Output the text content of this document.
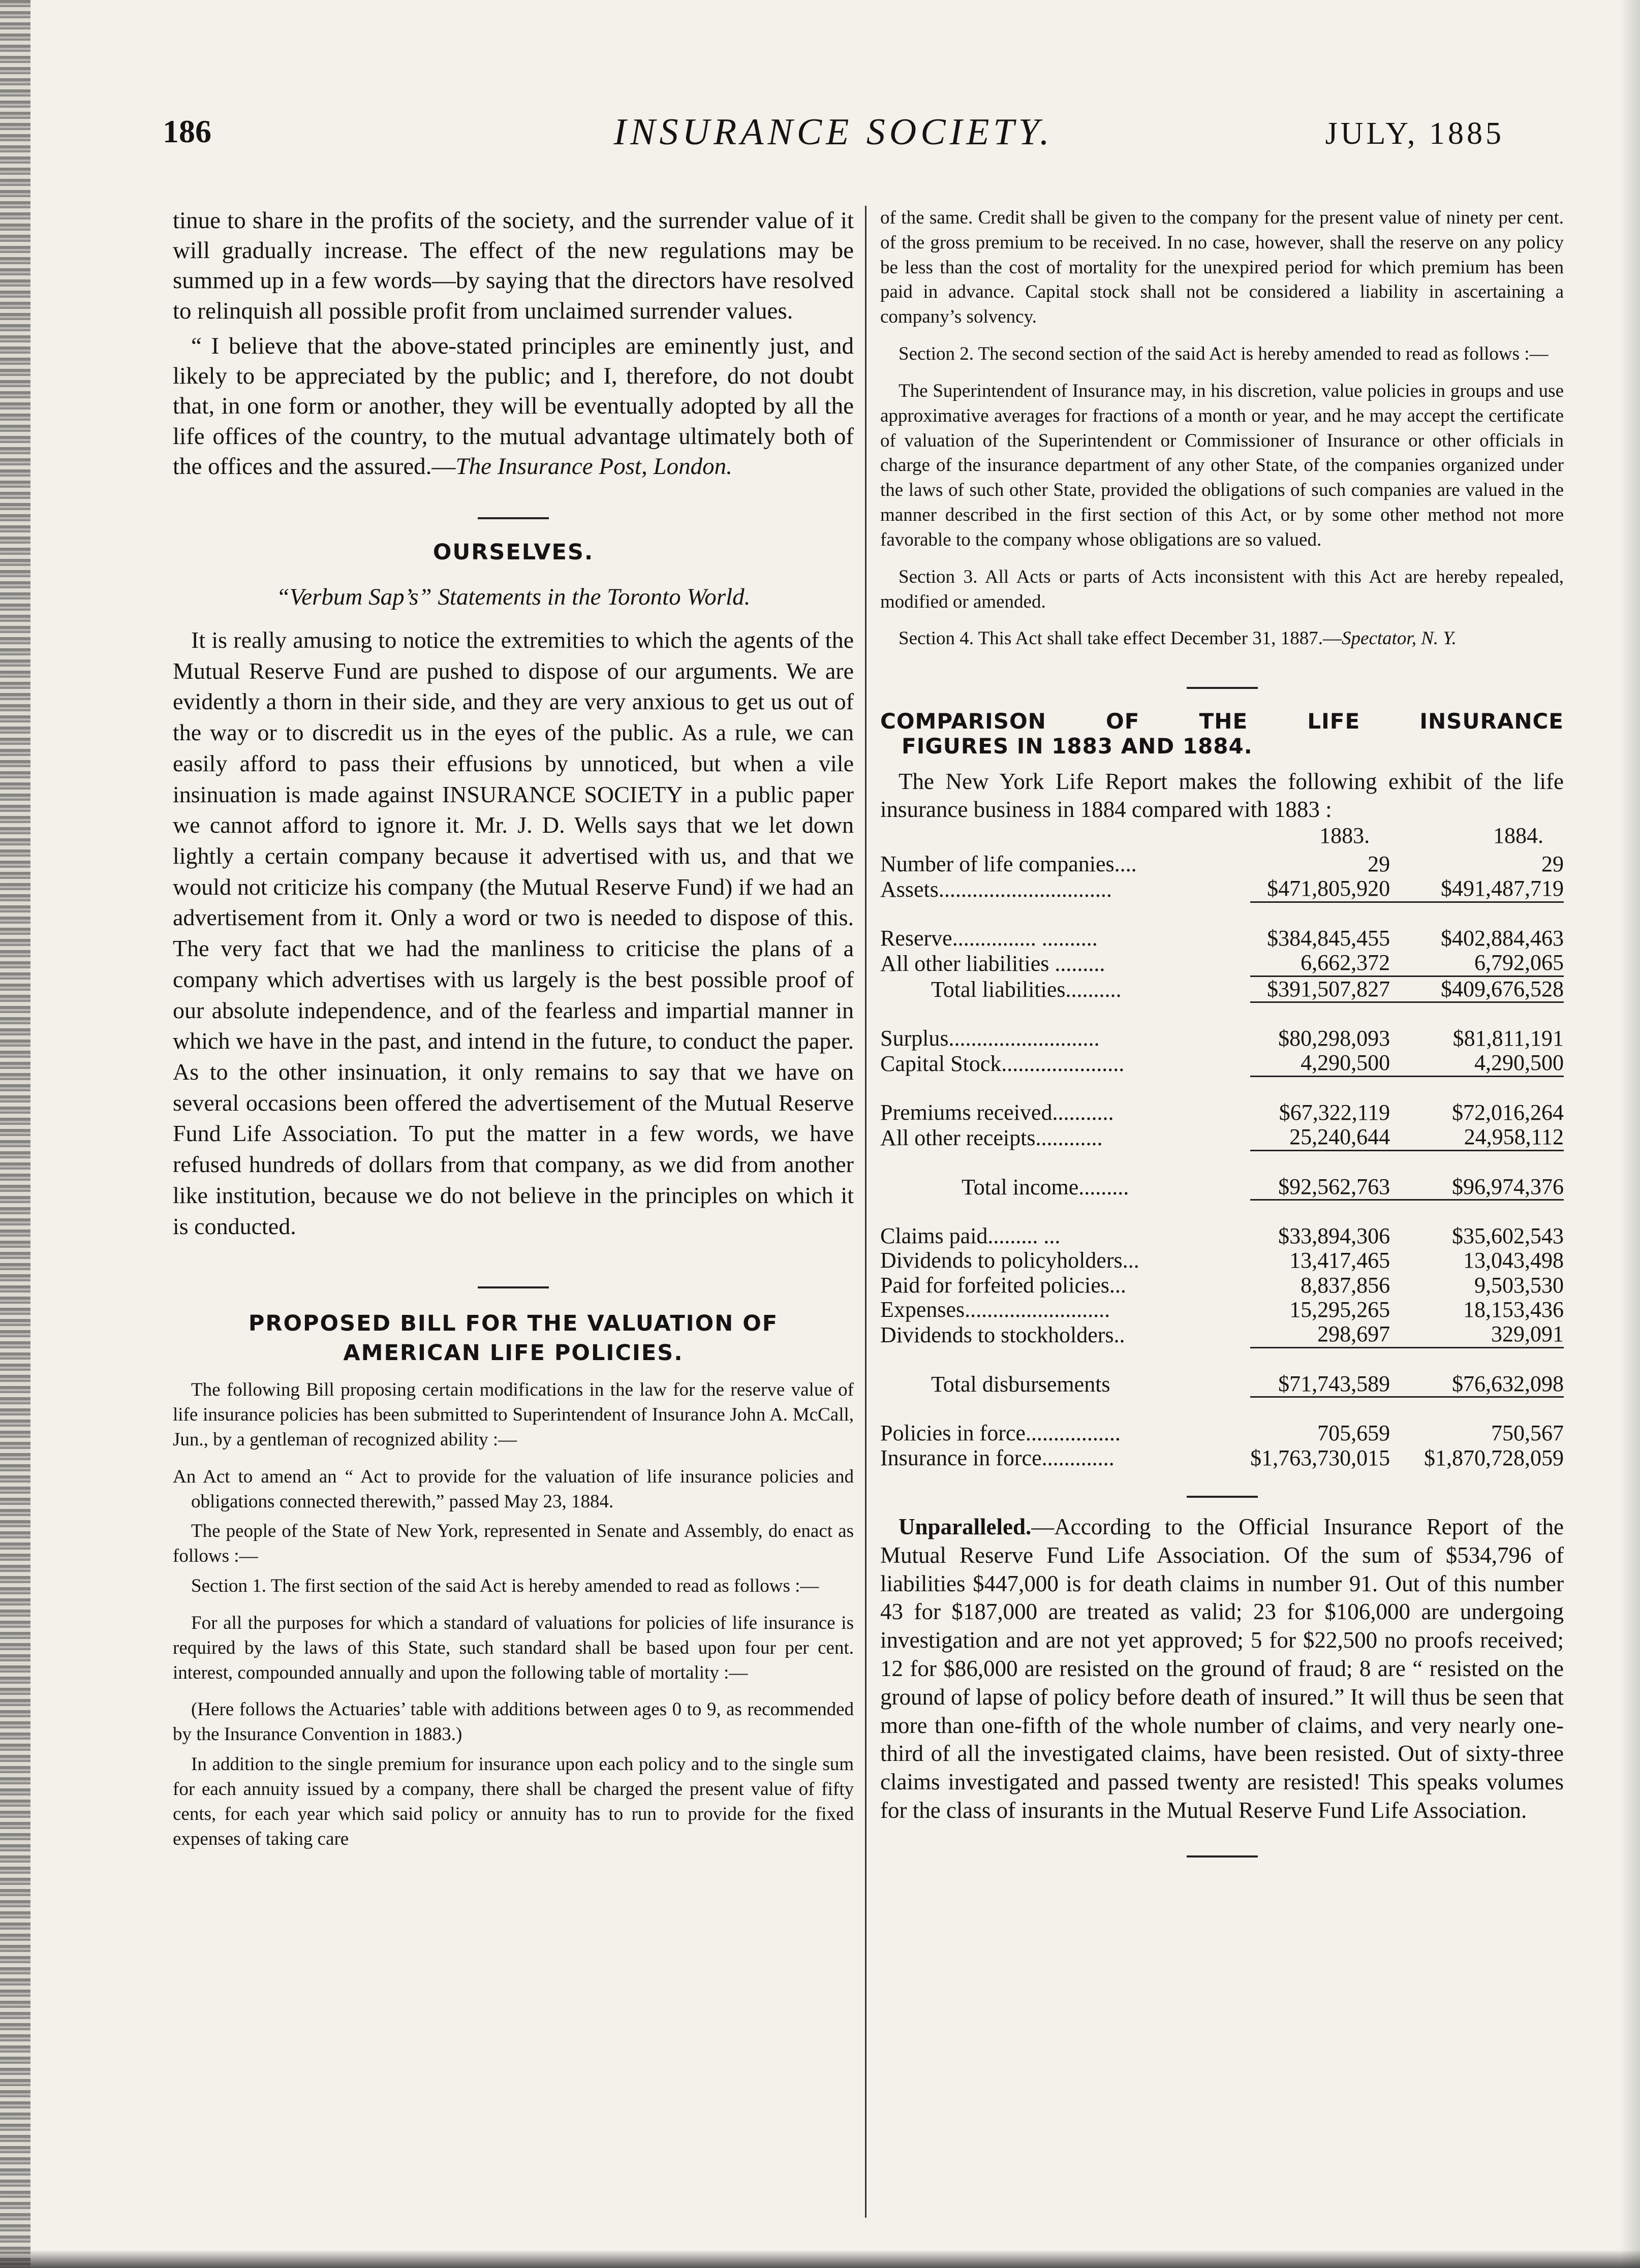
186	INSURANCE SOCIETY.	JULY, 1885

tinue to share in the profits of the society, and the surrender value of it will gradually increase. The effect of the new regulations may be summed up in a few words—by saying that the directors have resolved to relinquish all possible profit from unclaimed surrender values.

“ I believe that the above-stated principles are eminently just, and likely to be appreciated by the public; and I, therefore, do not doubt that, in one form or another, they will be eventually adopted by all the life offices of the country, to the mutual advantage ultimately both of the offices and the assured.—The Insurance Post, London.

OURSELVES.
“Verbum Sap’s” Statements in the Toronto World.

It is really amusing to notice the extremities to which the agents of the Mutual Reserve Fund are pushed to dispose of our arguments. We are evidently a thorn in their side, and they are very anxious to get us out of the way or to discredit us in the eyes of the public. As a rule, we can easily afford to pass their effusions by unnoticed, but when a vile insinuation is made against INSURANCE SOCIETY in a public paper we cannot afford to ignore it. Mr. J. D. Wells says that we let down lightly a certain company because it advertised with us, and that we would not criticize his company (the Mutual Reserve Fund) if we had an advertisement from it. Only a word or two is needed to dispose of this. The very fact that we had the manliness to criticise the plans of a company which advertises with us largely is the best possible proof of our absolute independence, and of the fearless and impartial manner in which we have in the past, and intend in the future, to conduct the paper. As to the other insinuation, it only remains to say that we have on several occasions been offered the advertisement of the Mutual Reserve Fund Life Association. To put the matter in a few words, we have refused hundreds of dollars from that company, as we did from another like institution, because we do not believe in the principles on which it is conducted.

PROPOSED BILL FOR THE VALUATION OF
AMERICAN LIFE POLICIES.

The following Bill proposing certain modifications in the law for the reserve value of life insurance policies has been submitted to Superintendent of Insurance John A. McCall, Jun., by a gentleman of recognized ability :—

An Act to amend an “ Act to provide for the valuation of life insurance policies and obligations connected therewith,” passed May 23, 1884.

The people of the State of New York, represented in Senate and Assembly, do enact as follows :—

Section 1. The first section of the said Act is hereby amended to read as follows :—

For all the purposes for which a standard of valuations for policies of life insurance is required by the laws of this State, such standard shall be based upon four per cent. interest, compounded annually and upon the following table of mortality :—

(Here follows the Actuaries’ table with additions between ages 0 to 9, as recommended by the Insurance Convention in 1883.)

In addition to the single premium for insurance upon each policy and to the single sum for each annuity issued by a company, there shall be charged the present value of fifty cents, for each year which said policy or annuity has to run to provide for the fixed expenses of taking care

of the same. Credit shall be given to the company for the present value of ninety per cent. of the gross premium to be received. In no case, however, shall the reserve on any policy be less than the cost of mortality for the unexpired period for which premium has been paid in advance. Capital stock shall not be considered a liability in ascertaining a company’s solvency.

Section 2. The second section of the said Act is hereby amended to read as follows :—

The Superintendent of Insurance may, in his discretion, value policies in groups and use approximative averages for fractions of a month or year, and he may accept the certificate of valuation of the Superintendent or Commissioner of Insurance or other officials in charge of the insurance department of any other State, of the companies organized under the laws of such other State, provided the obligations of such companies are valued in the manner described in the first section of this Act, or by some other method not more favorable to the company whose obligations are so valued.

Section 3. All Acts or parts of Acts inconsistent with this Act are hereby repealed, modified or amended.

Section 4. This Act shall take effect December 31, 1887.—Spectator, N. Y.

COMPARISON OF THE LIFE INSURANCE
FIGURES IN 1883 AND 1884.

The New York Life Report makes the following exhibit of the life insurance business in 1884 compared with 1883 :

	1883.	1884.
Number of life companies....	29	29
Assets...............................	$471,805,920	$491,487,719

Reserve............... ..........	$384,845,455	$402,884,463
All other liabilities .........	6,662,372	6,792,065
Total liabilities..........	$391,507,827	$409,676,528

Surplus...........................	$80,298,093	$81,811,191
Capital Stock......................	4,290,500	4,290,500

Premiums received...........	$67,322,119	$72,016,264
All other receipts............	25,240,644	24,958,112

Total income.........	$92,562,763	$96,974,376

Claims paid......... ...	$33,894,306	$35,602,543
Dividends to policyholders...	13,417,465	13,043,498
Paid for forfeited policies...	8,837,856	9,503,530
Expenses..........................	15,295,265	18,153,436
Dividends to stockholders..	298,697	329,091

Total disbursements	$71,743,589	$76,632,098

Policies in force.................	705,659	750,567
Insurance in force.............	$1,763,730,015	$1,870,728,059

Unparalleled.—According to the Official Insurance Report of the Mutual Reserve Fund Life Association. Of the sum of $534,796 of liabilities $447,000 is for death claims in number 91. Out of this number 43 for $187,000 are treated as valid; 23 for $106,000 are undergoing investigation and are not yet approved; 5 for $22,500 no proofs received; 12 for $86,000 are resisted on the ground of fraud; 8 are “ resisted on the ground of lapse of policy before death of insured.” It will thus be seen that more than one-fifth of the whole number of claims, and very nearly one-third of all the investigated claims, have been resisted. Out of sixty-three claims investigated and passed twenty are resisted! This speaks volumes for the class of insurants in the Mutual Reserve Fund Life Association.
